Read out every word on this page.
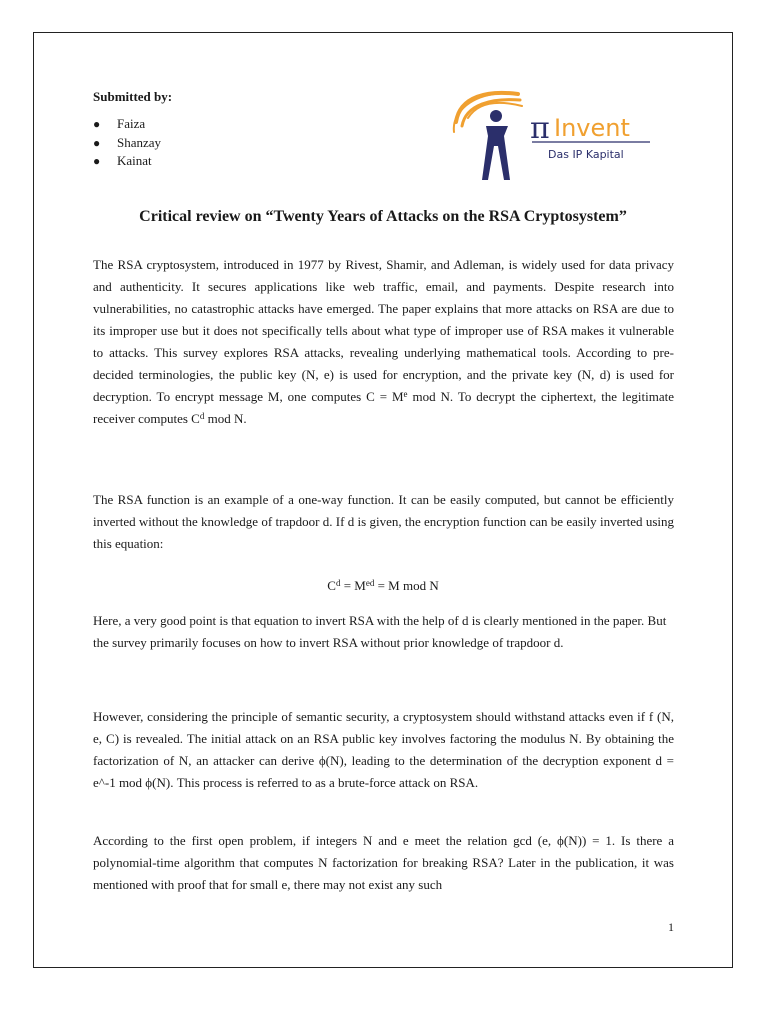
Submitted by:
● Faiza
● Shanzay
● Kainat
π Invent
Das IP Kapital
Critical review on “Twenty Years of Attacks on the RSA Cryptosystem”

The RSA cryptosystem, introduced in 1977 by Rivest, Shamir, and Adleman, is widely used for data privacy and authenticity. It secures applications like web traffic, email, and payments. Despite research into vulnerabilities, no catastrophic attacks have emerged. The paper explains that more attacks on RSA are due to its improper use but it does not specifically tells about what type of improper use of RSA makes it vulnerable to attacks. This survey explores RSA attacks, revealing underlying mathematical tools. According to pre-decided terminologies, the public key (N, e) is used for encryption, and the private key (N, d) is used for decryption. To encrypt message M, one computes $C = M^e$ mod N. To decrypt the ciphertext, the legitimate receiver computes $C^d$ mod N.

The RSA function is an example of a one-way function. It can be easily computed, but cannot be efficiently inverted without the knowledge of trapdoor d. If d is given, the encryption function can be easily inverted using this equation:

$C^d = M^{ed} = M$ mod N

Here, a very good point is that equation to invert RSA with the help of d is clearly mentioned in the paper. But the survey primarily focuses on how to invert RSA without prior knowledge of trapdoor d.

However, considering the principle of semantic security, a cryptosystem should withstand attacks even if f (N, e, C) is revealed. The initial attack on an RSA public key involves factoring the modulus N. By obtaining the factorization of N, an attacker can derive ϕ(N), leading to the determination of the decryption exponent d = e^-1 mod ϕ(N). This process is referred to as a brute-force attack on RSA.

According to the first open problem, if integers N and e meet the relation gcd (e, ϕ(N)) = 1. Is there a polynomial-time algorithm that computes N factorization for breaking RSA? Later in the publication, it was mentioned with proof that for small e, there may not exist any such

1
